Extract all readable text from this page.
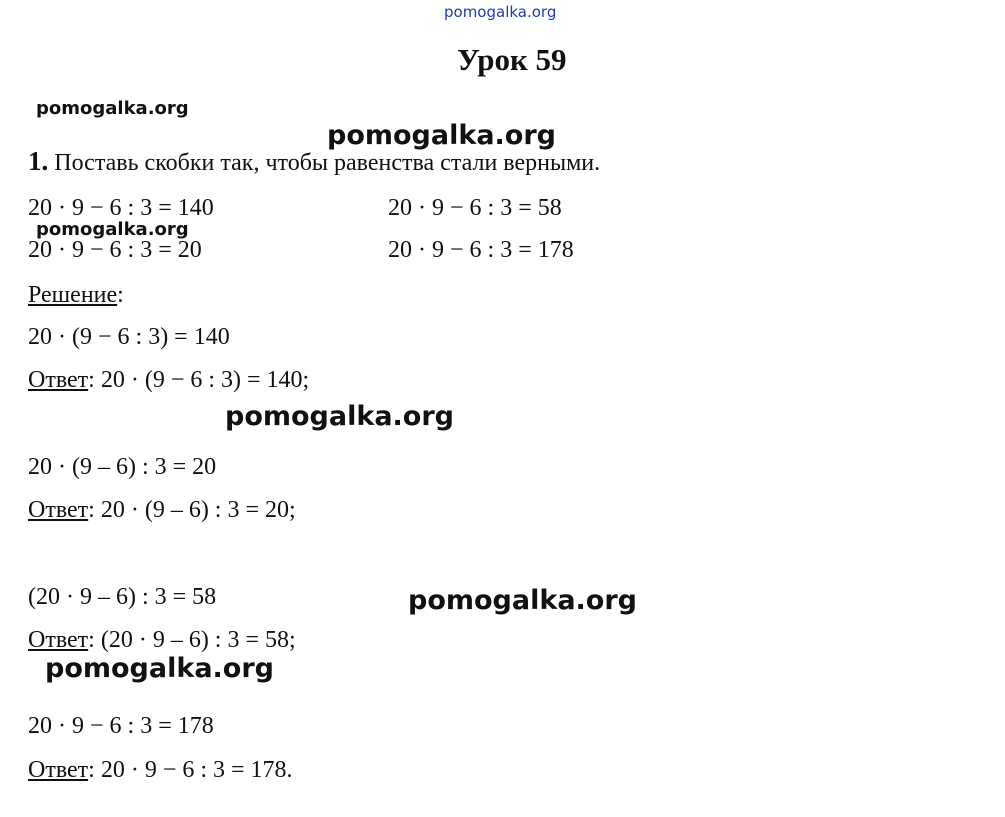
pomogalka.org
pomogalka.org
pomogalka.org
pomogalka.org
pomogalka.org
pomogalka.org
pomogalka.org
Урок 59
1. Поставь скобки так, чтобы равенства стали верными.
20 · 9 − 6 : 3 = 140	20 · 9 − 6 : 3 = 58
20 · 9 − 6 : 3 = 20	20 · 9 − 6 : 3 = 178
Решение:
20 · (9 − 6 : 3) = 140
Ответ: 20 · (9 − 6 : 3) = 140;
20 · (9 – 6) : 3 = 20
Ответ: 20 · (9 – 6) : 3 = 20;
(20 · 9 – 6) : 3 = 58
Ответ: (20 · 9 – 6) : 3 = 58;
20 · 9 − 6 : 3 = 178
Ответ: 20 · 9 − 6 : 3 = 178.
